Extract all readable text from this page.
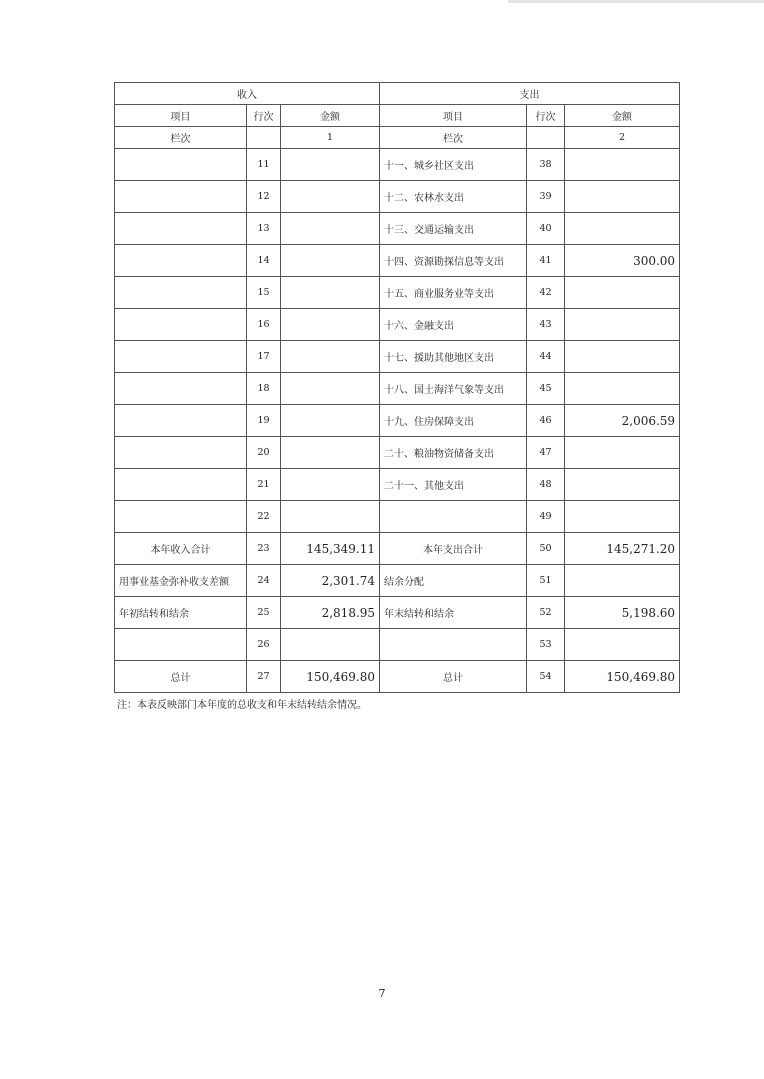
收入			支出		
项目	行次	金额	项目	行次	金额
栏次		1	栏次		2
	11		十一、城乡社区支出	38	
	12		十二、农林水支出	39	
	13		十三、交通运输支出	40	
	14		十四、资源勘探信息等支出	41	300.00
	15		十五、商业服务业等支出	42	
	16		十六、金融支出	43	
	17		十七、援助其他地区支出	44	
	18		十八、国土海洋气象等支出	45	
	19		十九、住房保障支出	46	2,006.59
	20		二十、粮油物资储备支出	47	
	21		二十一、其他支出	48	
	22			49	
本年收入合计	23	145,349.11	本年支出合计	50	145,271.20
用事业基金弥补收支差额	24	2,301.74	结余分配	51	
年初结转和结余	25	2,818.95	年末结转和结余	52	5,198.60
	26			53	
总计	27	150,469.80	总计	54	150,469.80
注：本表反映部门本年度的总收支和年末结转结余情况。
7
